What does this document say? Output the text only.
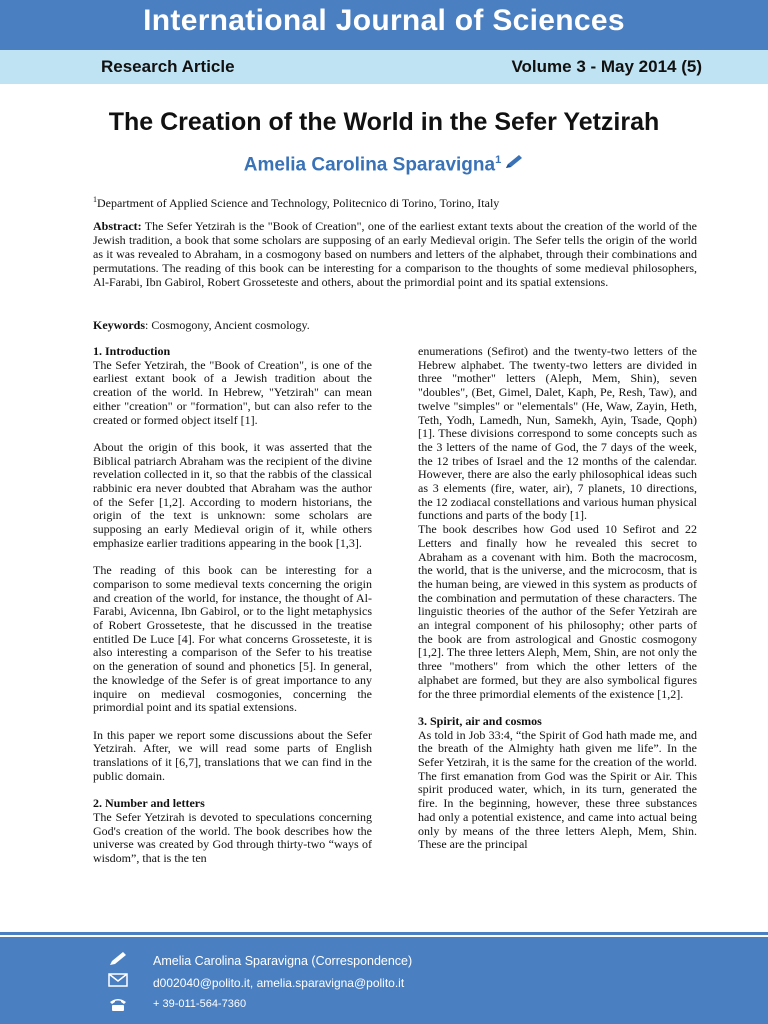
International Journal of Sciences
Research Article	Volume 3 - May 2014 (5)
The Creation of the World in the Sefer Yetzirah
Amelia Carolina Sparavigna$^1$
$^1$Department of Applied Science and Technology, Politecnico di Torino, Torino, Italy
Abstract: The Sefer Yetzirah is the "Book of Creation", one of the earliest extant texts about the creation of the world of the Jewish tradition, a book that some scholars are supposing of an early Medieval origin. The Sefer tells the origin of the world as it was revealed to Abraham, in a cosmogony based on numbers and letters of the alphabet, through their combinations and permutations. The reading of this book can be interesting for a comparison to the thoughts of some medieval philosophers, Al-Farabi, Ibn Gabirol, Robert Grosseteste and others, about the primordial point and its spatial extensions.
Keywords: Cosmogony, Ancient cosmology.
1. Introduction

The Sefer Yetzirah, the "Book of Creation", is one of the earliest extant book of a Jewish tradition about the creation of the world. In Hebrew, "Yetzirah" can mean either "creation" or "formation", but can also refer to the created or formed object itself [1].

About the origin of this book, it was asserted that the Biblical patriarch Abraham was the recipient of the divine revelation collected in it, so that the rabbis of the classical rabbinic era never doubted that Abraham was the author of the Sefer [1,2]. According to modern historians, the origin of the text is unknown: some scholars are supposing an early Medieval origin of it, while others emphasize earlier traditions appearing in the book [1,3].

The reading of this book can be interesting for a comparison to some medieval texts concerning the origin and creation of the world, for instance, the thought of Al-Farabi, Avicenna, Ibn Gabirol, or to the light metaphysics of Robert Grosseteste, that he discussed in the treatise entitled De Luce [4]. For what concerns Grosseteste, it is also interesting a comparison of the Sefer to his treatise on the generation of sound and phonetics [5]. In general, the knowledge of the Sefer is of great importance to any inquire on medieval cosmogonies, concerning the primordial point and its spatial extensions.

In this paper we report some discussions about the Sefer Yetzirah. After, we will read some parts of English translations of it [6,7], translations that we can find in the public domain.

2. Number and letters

The Sefer Yetzirah is devoted to speculations concerning God's creation of the world. The book describes how the universe was created by God through thirty-two “ways of wisdom”, that is the ten

enumerations (Sefirot) and the twenty-two letters of the Hebrew alphabet. The twenty-two letters are divided in three "mother" letters (Aleph, Mem, Shin), seven "doubles", (Bet, Gimel, Dalet, Kaph, Pe, Resh, Taw), and twelve "simples" or "elementals" (He, Waw, Zayin, Heth, Teth, Yodh, Lamedh, Nun, Samekh, Ayin, Tsade, Qoph) [1]. These divisions correspond to some concepts such as the 3 letters of the name of God, the 7 days of the week, the 12 tribes of Israel and the 12 months of the calendar. However, there are also the early philosophical ideas such as 3 elements (fire, water, air), 7 planets, 10 directions, the 12 zodiacal constellations and various human physical functions and parts of the body [1].

The book describes how God used 10 Sefirot and 22 Letters and finally how he revealed this secret to Abraham as a covenant with him. Both the macrocosm, the world, that is the universe, and the microcosm, that is the human being, are viewed in this system as products of the combination and permutation of these characters. The linguistic theories of the author of the Sefer Yetzirah are an integral component of his philosophy; other parts of the book are from astrological and Gnostic cosmogony [1,2]. The three letters Aleph, Mem, Shin, are not only the three "mothers" from which the other letters of the alphabet are formed, but they are also symbolical figures for the three primordial elements of the existence [1,2].

3. Spirit, air and cosmos

As told in Job 33:4, “the Spirit of God hath made me, and the breath of the Almighty hath given me life”. In the Sefer Yetzirah, it is the same for the creation of the world. The first emanation from God was the Spirit or Air. This spirit produced water, which, in its turn, generated the fire. In the beginning, however, these three substances had only a potential existence, and came into actual being only by means of the three letters Aleph, Mem, Shin. These are the principal

Amelia Carolina Sparavigna (Correspondence)
d002040@polito.it, amelia.sparavigna@polito.it
+ 39-011-564-7360
